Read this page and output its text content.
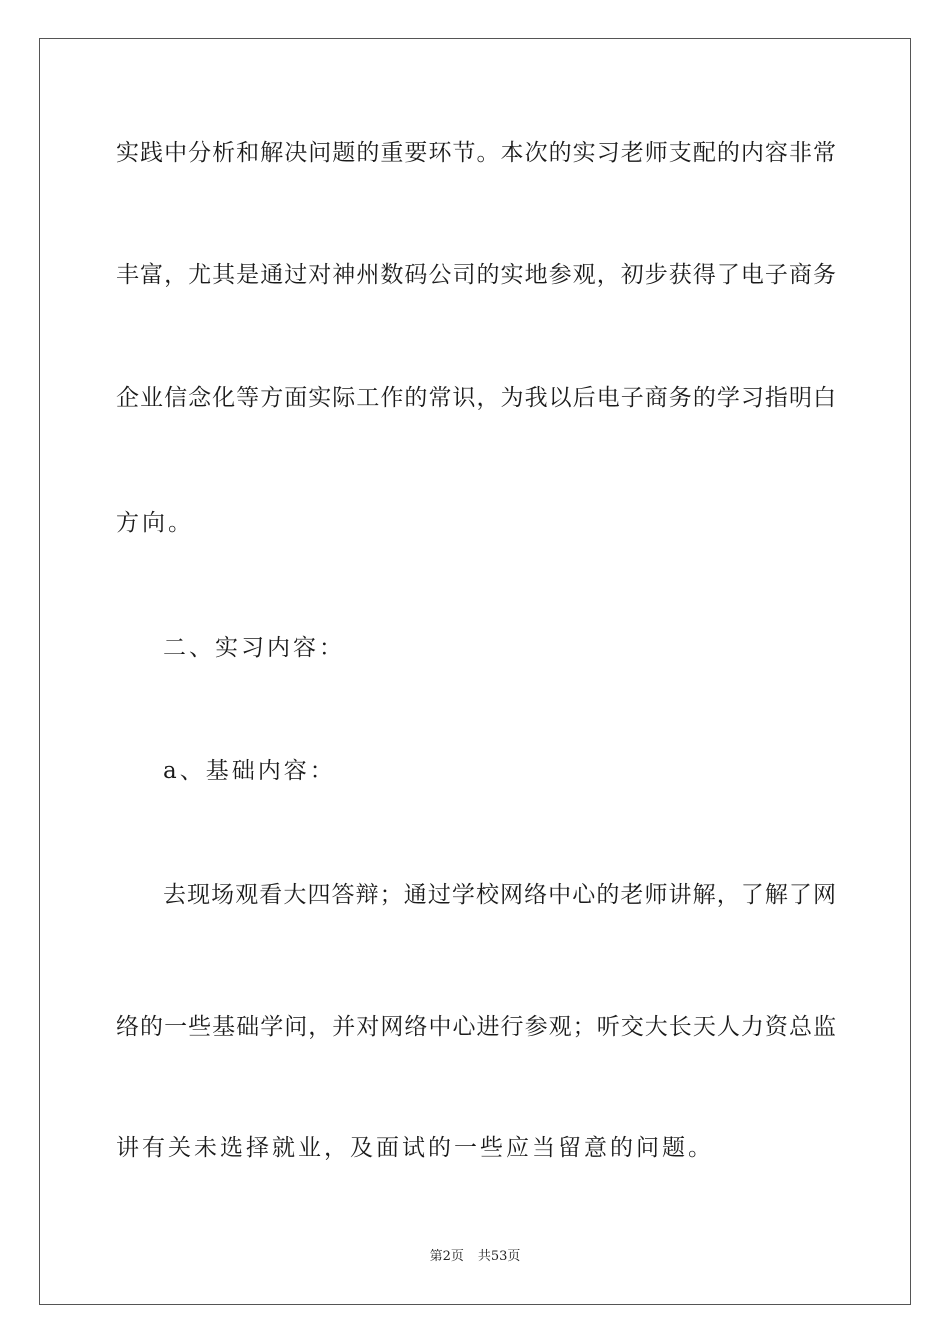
实践中分析和解决问题的重要环节。本次的实习老师支配的内容非常
丰富，尤其是通过对神州数码公司的实地参观，初步获得了电子商务
企业信念化等方面实际工作的常识，为我以后电子商务的学习指明白
方向。
二、实习内容：
a、基础内容：
去现场观看大四答辩；通过学校网络中心的老师讲解，了解了网
络的一些基础学问，并对网络中心进行参观；听交大长天人力资总监
讲有关未选择就业，及面试的一些应当留意的问题。
第2页 共53页
